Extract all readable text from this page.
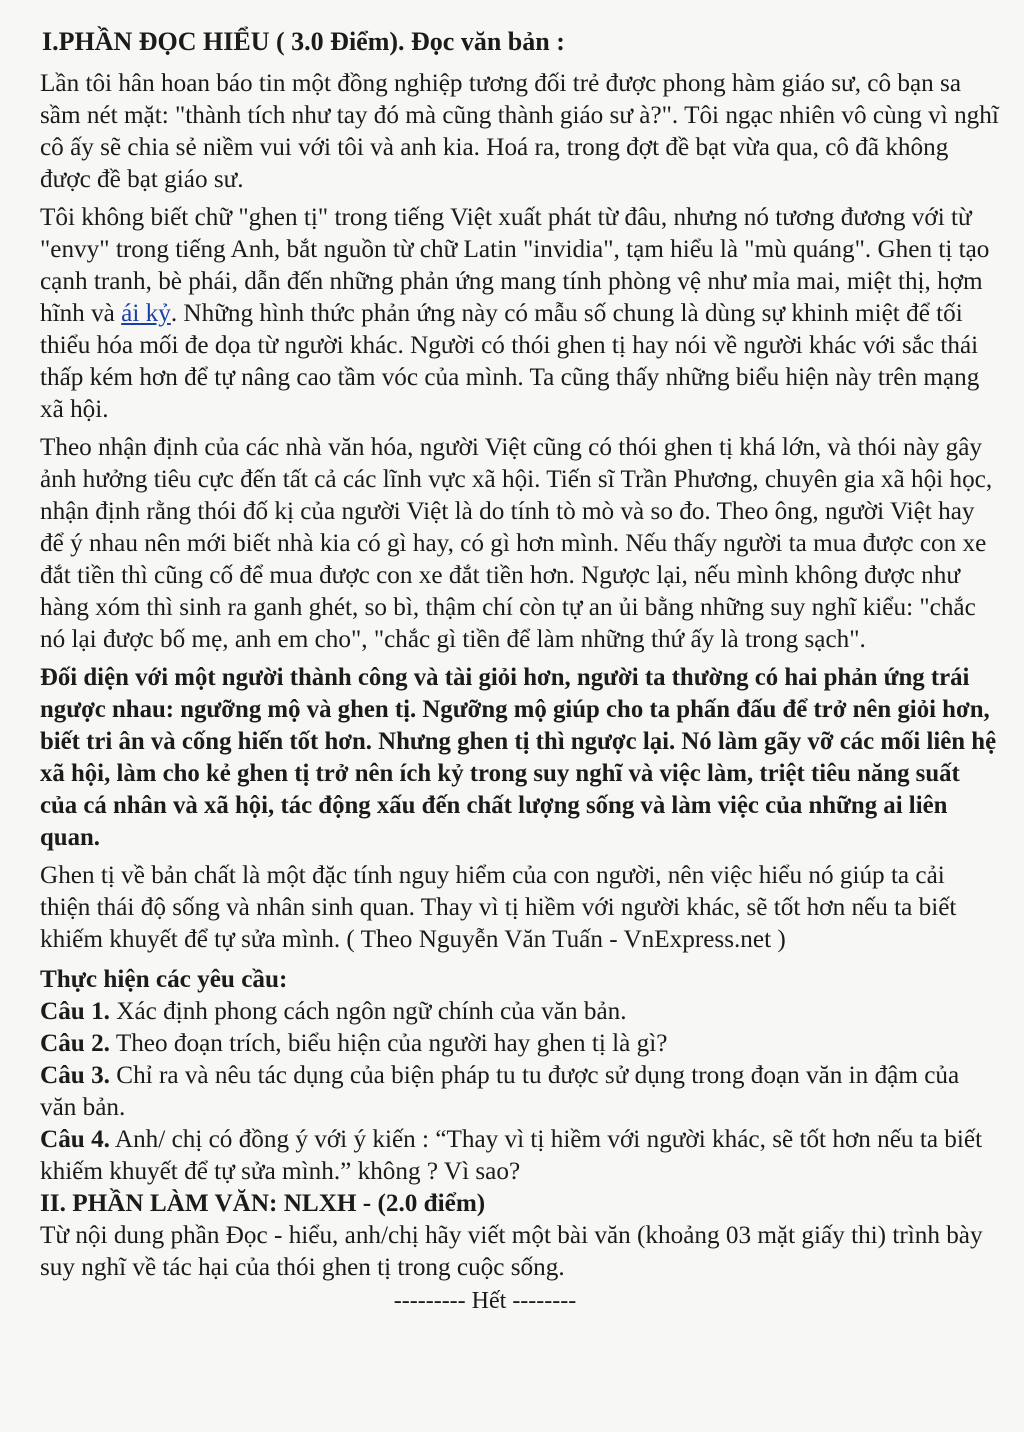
I.PHẦN ĐỌC HIỂU ( 3.0 Điểm). Đọc văn bản :

Lần tôi hân hoan báo tin một đồng nghiệp tương đối trẻ được phong hàm giáo sư, cô bạn sa sầm nét mặt: "thành tích như tay đó mà cũng thành giáo sư à?". Tôi ngạc nhiên vô cùng vì nghĩ cô ấy sẽ chia sẻ niềm vui với tôi và anh kia. Hoá ra, trong đợt đề bạt vừa qua, cô đã không được đề bạt giáo sư.

Tôi không biết chữ "ghen tị" trong tiếng Việt xuất phát từ đâu, nhưng nó tương đương với từ "envy" trong tiếng Anh, bắt nguồn từ chữ Latin "invidia", tạm hiểu là "mù quáng". Ghen tị tạo cạnh tranh, bè phái, dẫn đến những phản ứng mang tính phòng vệ như mỉa mai, miệt thị, hợm hĩnh và ái kỷ. Những hình thức phản ứng này có mẫu số chung là dùng sự khinh miệt để tối thiểu hóa mối đe dọa từ người khác. Người có thói ghen tị hay nói về người khác với sắc thái thấp kém hơn để tự nâng cao tầm vóc của mình. Ta cũng thấy những biểu hiện này trên mạng xã hội.

Theo nhận định của các nhà văn hóa, người Việt cũng có thói ghen tị khá lớn, và thói này gây ảnh hưởng tiêu cực đến tất cả các lĩnh vực xã hội. Tiến sĩ Trần Phương, chuyên gia xã hội học, nhận định rằng thói đố kị của người Việt là do tính tò mò và so đo. Theo ông, người Việt hay để ý nhau nên mới biết nhà kia có gì hay, có gì hơn mình. Nếu thấy người ta mua được con xe đắt tiền thì cũng cố để mua được con xe đắt tiền hơn. Ngược lại, nếu mình không được như hàng xóm thì sinh ra ganh ghét, so bì, thậm chí còn tự an ủi bằng những suy nghĩ kiểu: "chắc nó lại được bố mẹ, anh em cho", "chắc gì tiền để làm những thứ ấy là trong sạch".

Đối diện với một người thành công và tài giỏi hơn, người ta thường có hai phản ứng trái ngược nhau: ngưỡng mộ và ghen tị. Ngưỡng mộ giúp cho ta phấn đấu để trở nên giỏi hơn, biết tri ân và cống hiến tốt hơn. Nhưng ghen tị thì ngược lại. Nó làm gãy vỡ các mối liên hệ xã hội, làm cho kẻ ghen tị trở nên ích kỷ trong suy nghĩ và việc làm, triệt tiêu năng suất của cá nhân và xã hội, tác động xấu đến chất lượng sống và làm việc của những ai liên quan.

Ghen tị về bản chất là một đặc tính nguy hiểm của con người, nên việc hiểu nó giúp ta cải thiện thái độ sống và nhân sinh quan. Thay vì tị hiềm với người khác, sẽ tốt hơn nếu ta biết khiếm khuyết để tự sửa mình. ( Theo Nguyễn Văn Tuấn - VnExpress.net )

Thực hiện các yêu cầu:

Câu 1. Xác định phong cách ngôn ngữ chính của văn bản.

Câu 2. Theo đoạn trích, biểu hiện của người hay ghen tị là gì?

Câu 3. Chỉ ra và nêu tác dụng của biện pháp tu tu được sử dụng trong đoạn văn in đậm của văn bản.

Câu 4. Anh/ chị có đồng ý với ý kiến : “Thay vì tị hiềm với người khác, sẽ tốt hơn nếu ta biết khiếm khuyết để tự sửa mình.” không ? Vì sao?

II. PHẦN LÀM VĂN: NLXH - (2.0 điểm)

Từ nội dung phần Đọc - hiểu, anh/chị hãy viết một bài văn (khoảng 03 mặt giấy thi) trình bày suy nghĩ về tác hại của thói ghen tị trong cuộc sống.

--------- Hết --------
